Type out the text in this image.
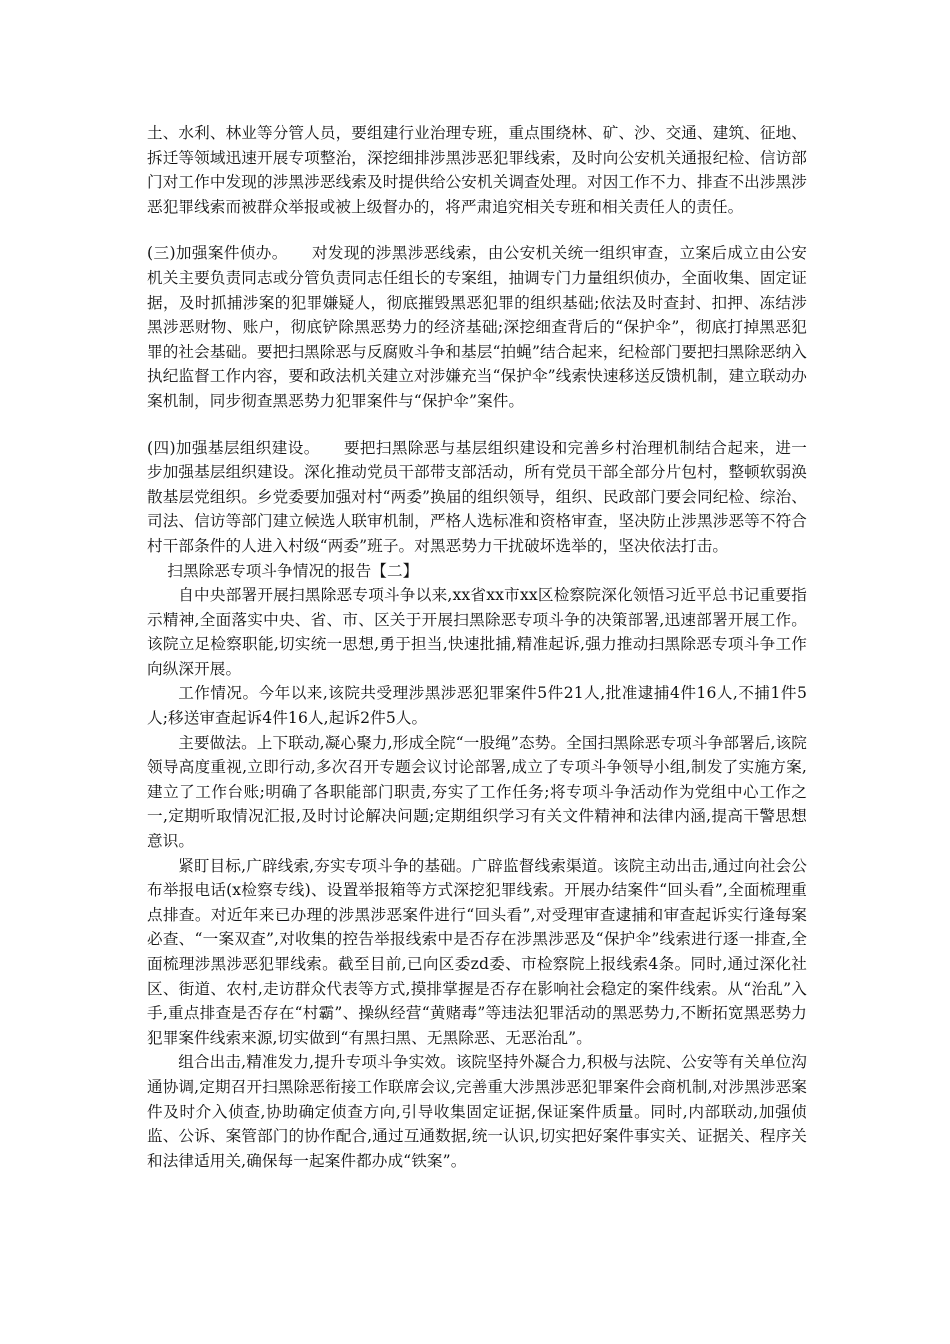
土、水利、林业等分管人员，要组建行业治理专班，重点围绕林、矿、沙、交通、建筑、征地、拆迁等领域迅速开展专项整治，深挖细排涉黑涉恶犯罪线索，及时向公安机关通报纪检、信访部门对工作中发现的涉黑涉恶线索及时提供给公安机关调查处理。对因工作不力、排查不出涉黑涉恶犯罪线索而被群众举报或被上级督办的，将严肃追究相关专班和相关责任人的责任。

(三)加强案件侦办。　　对发现的涉黑涉恶线索，由公安机关统一组织审查，立案后成立由公安机关主要负责同志或分管负责同志任组长的专案组，抽调专门力量组织侦办，全面收集、固定证据，及时抓捕涉案的犯罪嫌疑人，彻底摧毁黑恶犯罪的组织基础;依法及时查封、扣押、冻结涉黑涉恶财物、账户，彻底铲除黑恶势力的经济基础;深挖细查背后的“保护伞”，彻底打掉黑恶犯罪的社会基础。要把扫黑除恶与反腐败斗争和基层“拍蝇”结合起来，纪检部门要把扫黑除恶纳入执纪监督工作内容，要和政法机关建立对涉嫌充当“保护伞”线索快速移送反馈机制，建立联动办案机制，同步彻查黑恶势力犯罪案件与“保护伞”案件。

(四)加强基层组织建设。　　要把扫黑除恶与基层组织建设和完善乡村治理机制结合起来，进一步加强基层组织建设。深化推动党员干部带支部活动，所有党员干部全部分片包村，整顿软弱涣散基层党组织。乡党委要加强对村“两委”换届的组织领导，组织、民政部门要会同纪检、综治、司法、信访等部门建立候选人联审机制，严格人选标准和资格审查，坚决防止涉黑涉恶等不符合村干部条件的人进入村级“两委”班子。对黑恶势力干扰破坏选举的，坚决依法打击。

扫黑除恶专项斗争情况的报告【二】

自中央部署开展扫黑除恶专项斗争以来,xx省xx市xx区检察院深化领悟习近平总书记重要指示精神,全面落实中央、省、市、区关于开展扫黑除恶专项斗争的决策部署,迅速部署开展工作。该院立足检察职能,切实统一思想,勇于担当,快速批捕,精准起诉,强力推动扫黑除恶专项斗争工作向纵深开展。

工作情况。今年以来,该院共受理涉黑涉恶犯罪案件5件21人,批准逮捕4件16人,不捕1件5人;移送审查起诉4件16人,起诉2件5人。

主要做法。上下联动,凝心聚力,形成全院“一股绳”态势。全国扫黑除恶专项斗争部署后,该院领导高度重视,立即行动,多次召开专题会议讨论部署,成立了专项斗争领导小组,制发了实施方案,建立了工作台账;明确了各职能部门职责,夯实了工作任务;将专项斗争活动作为党组中心工作之一,定期听取情况汇报,及时讨论解决问题;定期组织学习有关文件精神和法律内涵,提高干警思想意识。

紧盯目标,广辟线索,夯实专项斗争的基础。广辟监督线索渠道。该院主动出击,通过向社会公布举报电话(x检察专线)、设置举报箱等方式深挖犯罪线索。开展办结案件“回头看”,全面梳理重点排查。对近年来已办理的涉黑涉恶案件进行“回头看”,对受理审查逮捕和审查起诉实行逢每案必查、“一案双查”,对收集的控告举报线索中是否存在涉黑涉恶及“保护伞”线索进行逐一排查,全面梳理涉黑涉恶犯罪线索。截至目前,已向区委zd委、市检察院上报线索4条。同时,通过深化社区、街道、农村,走访群众代表等方式,摸排掌握是否存在影响社会稳定的案件线索。从“治乱”入手,重点排查是否存在“村霸”、操纵经营“黄赌毒”等违法犯罪活动的黑恶势力,不断拓宽黑恶势力犯罪案件线索来源,切实做到“有黑扫黑、无黑除恶、无恶治乱”。

组合出击,精准发力,提升专项斗争实效。该院坚持外凝合力,积极与法院、公安等有关单位沟通协调,定期召开扫黑除恶衔接工作联席会议,完善重大涉黑涉恶犯罪案件会商机制,对涉黑涉恶案件及时介入侦查,协助确定侦查方向,引导收集固定证据,保证案件质量。同时,内部联动,加强侦监、公诉、案管部门的协作配合,通过互通数据,统一认识,切实把好案件事实关、证据关、程序关和法律适用关,确保每一起案件都办成“铁案”。
